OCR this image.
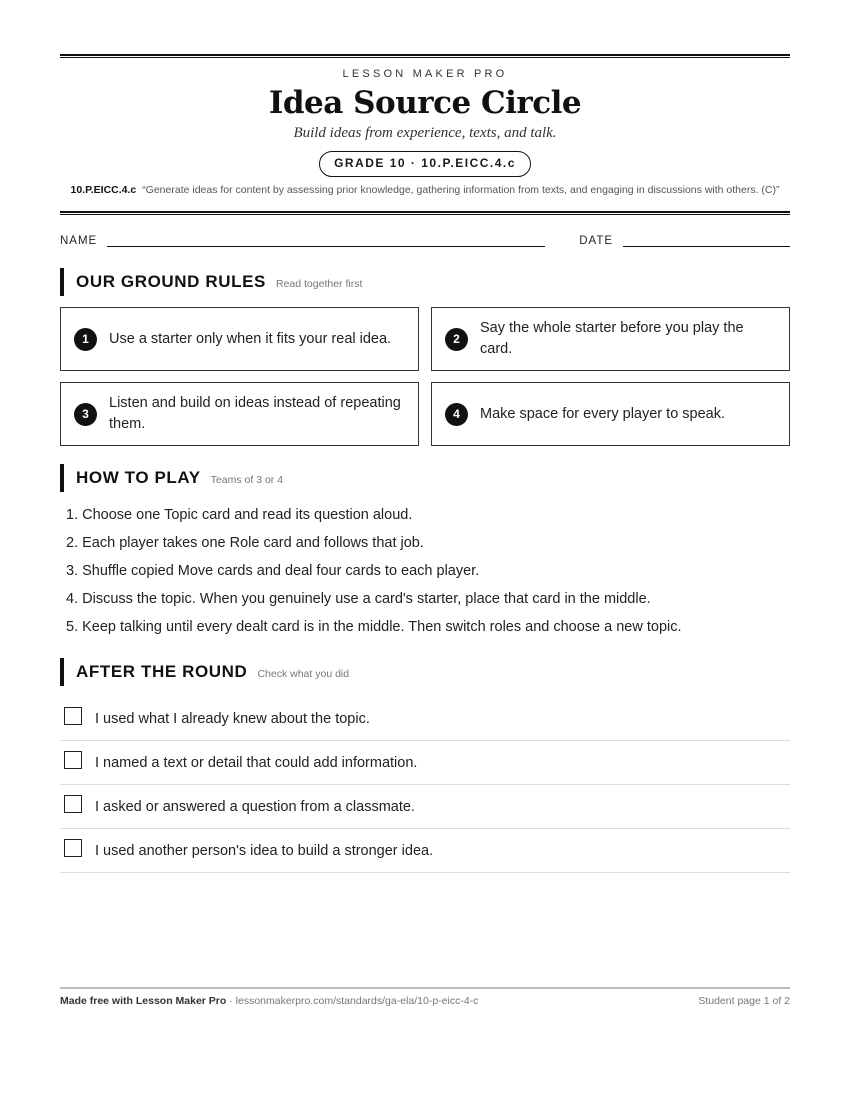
LESSON MAKER PRO
Idea Source Circle
Build ideas from experience, texts, and talk.
GRADE 10 · 10.P.EICC.4.c
10.P.EICC.4.c “Generate ideas for content by assessing prior knowledge, gathering information from texts, and engaging in discussions with others. (C)”
NAME	DATE
OUR GROUND RULES Read together first
1	Use a starter only when it fits your real idea.	2
Say the whole starter before you play the card.
3
Listen and build on ideas instead of repeating them.
4	Make space for every player to speak.
HOW TO PLAY Teams of 3 or 4
1. Choose one Topic card and read its question aloud.
2. Each player takes one Role card and follows that job.
3. Shuffle copied Move cards and deal four cards to each player.
4. Discuss the topic. When you genuinely use a card's starter, place that card in the middle.
5. Keep talking until every dealt card is in the middle. Then switch roles and choose a new topic.
AFTER THE ROUND Check what you did
I used what I already knew about the topic.
I named a text or detail that could add information.
I asked or answered a question from a classmate.
I used another person's idea to build a stronger idea.
Made free with Lesson Maker Pro · lessonmakerpro.com/standards/ga-ela/10-p-eicc-4-c	Student page 1 of 2
